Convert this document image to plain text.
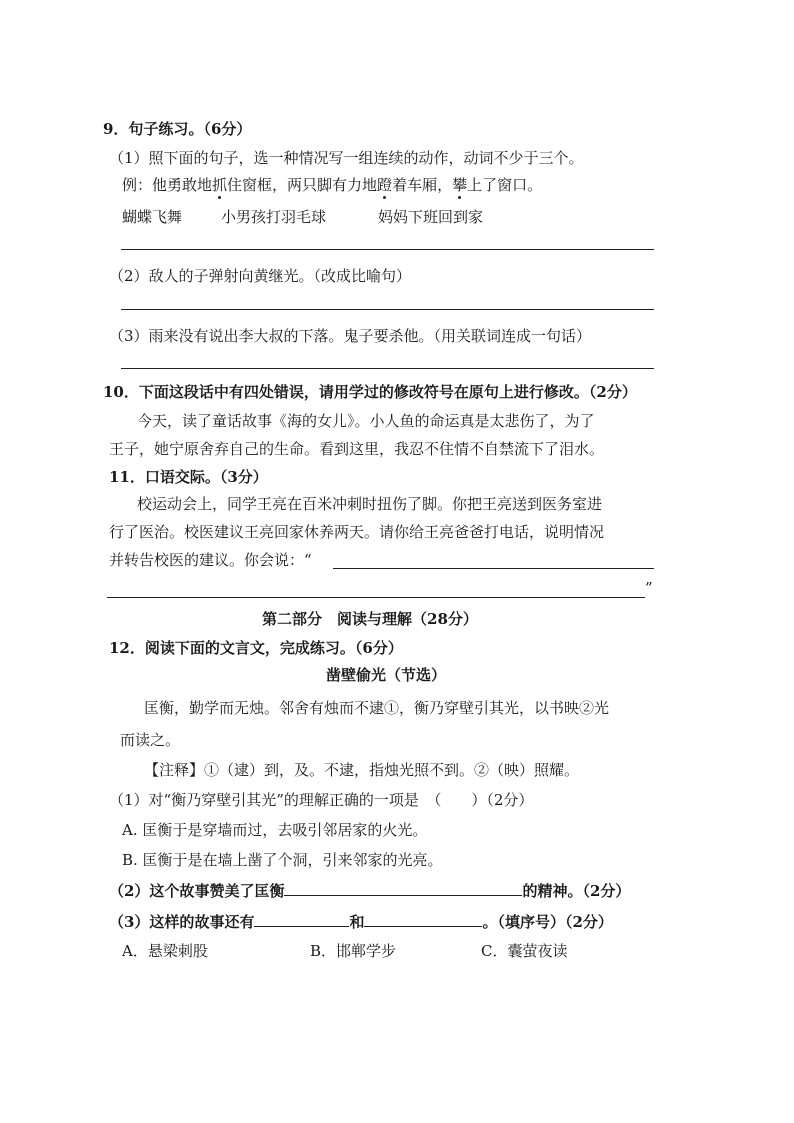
9．句子练习。（6分）
（1）照下面的句子，选一种情况写一组连续的动作，动词不少于三个。
例：他勇敢地抓住窗框，两只脚有力地蹬着车厢，攀上了窗口。
蝴蝶飞舞	小男孩打羽毛球	妈妈下班回到家
（2）敌人的子弹射向黄继光。（改成比喻句）
（3）雨来没有说出李大叔的下落。鬼子要杀他。（用关联词连成一句话）
10．下面这段话中有四处错误，请用学过的修改符号在原句上进行修改。（2分）
今天，读了童话故事《海的女儿》。小人鱼的命运真是太悲伤了，为了
王子，她宁原舍弃自己的生命。看到这里，我忍不住情不自禁流下了泪水。
11．口语交际。（3分）
校运动会上，同学王亮在百米冲刺时扭伤了脚。你把王亮送到医务室进
行了医治。校医建议王亮回家休养两天。请你给王亮爸爸打电话，说明情况
并转告校医的建议。你会说：“
”
第二部分　阅读与理解（28分）
12．阅读下面的文言文，完成练习。（6分）
凿壁偷光（节选）
匡衡，勤学而无烛。邻舍有烛而不逮①，衡乃穿壁引其光，以书映②光
而读之。
【注释】①（逮）到，及。不逮，指烛光照不到。②（映）照耀。
（1）对“衡乃穿壁引其光”的理解正确的一项是　（　　）（2分）
A. 匡衡于是穿墙而过，去吸引邻居家的火光。
B. 匡衡于是在墙上凿了个洞，引来邻家的光亮。
（2）这个故事赞美了匡衡	的精神。（2分）
（3）这样的故事还有	和	。（填序号）（2分）
A．悬梁刺股	B．邯郸学步	C．囊萤夜读
